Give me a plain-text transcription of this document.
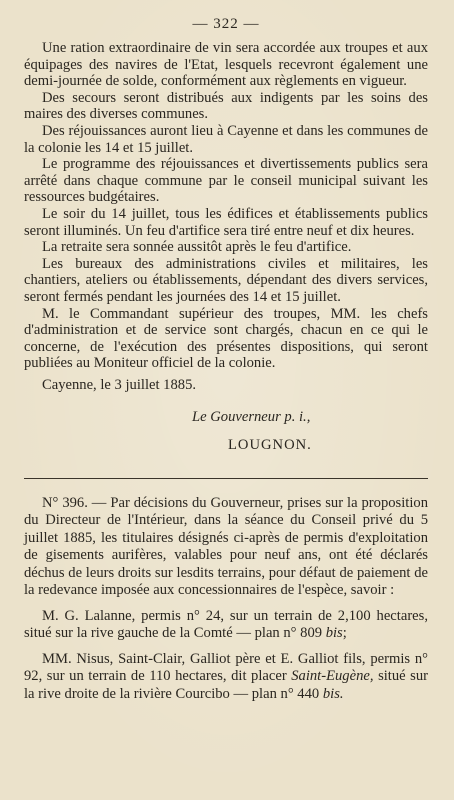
— 322 —

Une ration extraordinaire de vin sera accordée aux troupes et aux équipages des navires de l'Etat, lesquels recevront également une demi-journée de solde, conformément aux règlements en vigueur.

Des secours seront distribués aux indigents par les soins des maires des diverses communes.

Des réjouissances auront lieu à Cayenne et dans les communes de la colonie les 14 et 15 juillet.

Le programme des réjouissances et divertissements publics sera arrêté dans chaque commune par le conseil municipal suivant les ressources budgétaires.

Le soir du 14 juillet, tous les édifices et établissements publics seront illuminés. Un feu d'artifice sera tiré entre neuf et dix heures.

La retraite sera sonnée aussitôt après le feu d'artifice.

Les bureaux des administrations civiles et militaires, les chantiers, ateliers ou établissements, dépendant des divers services, seront fermés pendant les journées des 14 et 15 juillet.

M. le Commandant supérieur des troupes, MM. les chefs d'administration et de service sont chargés, chacun en ce qui le concerne, de l'exécution des présentes dispositions, qui seront publiées au Moniteur officiel de la colonie.

Cayenne, le 3 juillet 1885.

Le Gouverneur p. i.,

LOUGNON.

N° 396. — Par décisions du Gouverneur, prises sur la proposition du Directeur de l'Intérieur, dans la séance du Conseil privé du 5 juillet 1885, les titulaires désignés ci-après de permis d'exploitation de gisements aurifères, valables pour neuf ans, ont été déclarés déchus de leurs droits sur lesdits terrains, pour défaut de paiement de la redevance imposée aux concessionnaires de l'espèce, savoir :

M. G. Lalanne, permis n° 24, sur un terrain de 2,100 hectares, situé sur la rive gauche de la Comté — plan n° 809 bis;

MM. Nisus, Saint-Clair, Galliot père et E. Galliot fils, permis n° 92, sur un terrain de 110 hectares, dit placer Saint-Eugène, situé sur la rive droite de la rivière Courcibo — plan n° 440 bis.
